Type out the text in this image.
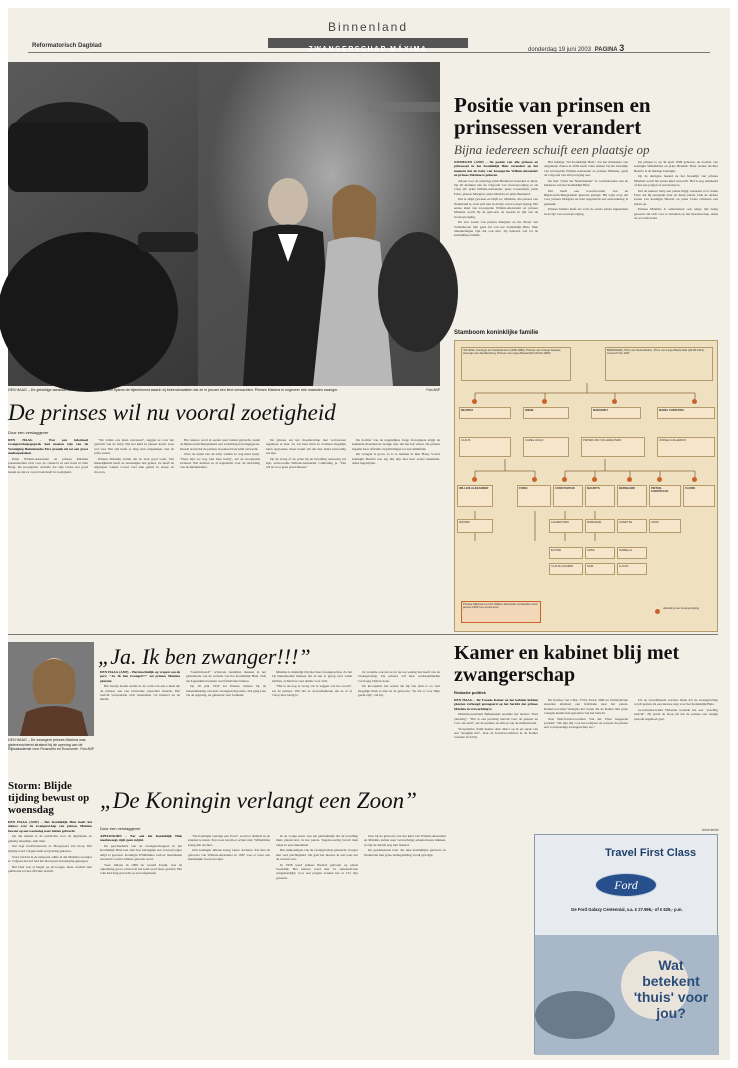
Reformatorisch Dagblad
Binnenland
ZWANGERSCHAP MÁXIMA	donderdag 19 juni 2003 PAGINA 3
DEN HAAG – De gelukkige aanstaande vader en moeder gisteren tijdens de bijeenkomst waarin zij bekendmaakten dat ze in januari een kind verwachten. Prinses Máxima is ongeveer drie maanden zwanger.	Foto ANP
Positie van prinsen en prinsessen verandert
Bijna iedereen schuift een plaatsje op

NIJMEGEN (ANP) – De positie van alle prinsen en prinsessen in het Koninklijk Huis verandert op het moment dat de baby van kroonprins Willem-Alexander en prinses Máxima is geboren.

Alleen voor de zesjarige prins Bernhard verandert er niets. Op dit moment ziet de volgorde van troonopvolging er als volgt uit: prins Willem-Alexander, prins Constantijn, prins Friso, prinses Margriet, prins Maurits en prins Bernhard.

Dat is altijd geweest en blijft zo; Máxima, die prinses van Nederland is, staat zelf niet in de lijn van troonopvolging. Het eerste kind van kroonprins Willem-Alexander en prinses Máxima wordt bij de geboorte de tweede in lijn van de troonopvolging.

De vier zonen van prinses Margriet en mr. Pieter van Vollenhoven zijn geen lid van het Koninklijk Huis. Hun nakomelingen zijn dat ook niet. Zij behoren wel tot de koninklijke familie.

Het huidige "lid Koninklijk Huis", dat het ministerie van Algemene Zaken in 2002 heeft laten maken bij het huwelijk van kroonprins Willem-Alexander en prinses Máxima, geeft de volgorde van erfopvolging aan.

De titel "prins der Nederlanden" is voorbehouden aan de kinderen van het Koninklijk Huis.

Dat heeft een woordvoerder van de Rijksvoorlichtingsdienst gisteren gezegd. Hij wijst erop dat voor prinses Margriet en haar nageslacht een uitzondering is gemaakt.

Prinses Juliana heeft als vorst de eerste plaats ingenomen in de lijn van troonopvolging.

De prinses is op 30 april 1909 geboren, de dochter van koningin Wilhelmina en prins Hendrik. Haar oudste dochter Beatrix is de huidige koningin.

Op de dertigste maand na het huwelijk van prinses Máxima wordt het eerste kind verwacht. Het is nog onbekend of het een jongen of een meisje is.

Dat de nieuwe baby een plaats krijgt, betekent voor Johan Friso dat hij terugzakt naar de derde plaats. Ook de andere zonen van koningin Beatrix en prins Claus schuiven een plaats op.

Prinses Máxima is ondertussen ook enige tijd bezig geweest om zich voor te bereiden op het moederschap, aldus de woordvoerder.

Stamboom koninklijke familie
JULIANA, Koningin der Nederlanden (1948-1980), Prinses van Oranje-Nassau, Hertogin van Mecklenburg, Prinses van Lippe-Biesterfeld (30-04-1909)
BERNHARD, Prins der Nederlanden, Prins van Lippe-Biesterfeld (29-06-1911), trouwt 07-01-1937
BEATRIX	IRENE	MARGRIET	MARIA CHRISTINA
CLAUS	CAREL HUGO	PIETER VAN VOLLENHOVEN	JORGE GUILLERMO
WILLEM-ALEXANDER	FRISO	CONSTANTIJN	MAURITS	BERNHARD	PIETER-CHRISTIAAN
FLORIS
MÁXIMA	LAURENTIEN	MARILENE	ANNETTE	ANITA
ELOISE	ANNA	ISABELLA
CLAUS-CASIMIR	SAM	LUCAS
Prinses Máxima en prins Willem-Alexander verwachten eind januari 2004 hun eerste kind	uitsluiting van troonopvolging
De prinses wil nu vooral zoetigheid
Door een verslaggever

DEN HAAG – Wat een informeel zwangerschapsgesprek had moeten zijn van de Vereniging Buitenlandse Pers groeide uit tot een groot mediaspektakel.

Prins Willem-Alexander en prinses Máxima presenteerden zich voor de camera's in een hotel in Den Haag. De kroonprins vertelde dat zijn vrouw het goed maakt en dat ze vooral trek heeft in zoetigheid.

"We willen ons laten verrassen", zeggen ze over het geslacht van de baby. Dat het kind in januari komt, staat wel vast. Het stel heeft er lang naar uitgekeken, laat de prins weten.

Prinses Máxima vertelt dat ze zich goed voelt. Van misselijkheid heeft ze nauwelijks last gehad. Ze heeft de afgelopen weken vooral veel trek gehad in snoep en chocola.

Het nieuws werd al eerder naar buiten gebracht, nadat de Rijksvoorlichtingsdienst een verklaring had uitgegeven. Daarin stond dat de prinses in januari haar kind verwacht.

Over de naam van de baby wilden ze nog niets kwijt. "Daar zijn we nog niet mee bezig", zei de kroonprins lachend. Wel hebben ze al nagedacht over de inrichting van de kinderkamer.

De prinses zei het moederschap met vertrouwen tegemoet te zien. Ze wil haar kind zo normaal mogelijk laten opgroeien, maar beseft dat dat niet altijd eenvoudig zal zijn.

Op de vraag of de prins bij de bevalling aanwezig zal zijn, antwoordde Willem-Alexander volmondig ja. "Dat wil ik voor geen goud missen."

De dochter van de Argentijnse Jorge Zorreguieta krijgt de komende maanden de nodige rust, liet het hof weten. De prinses beperkt haar officiële verplichtingen tot een minimum.

De vreugde is groot, zo is te merken in Den Haag. Vooral koningin Beatrix zou erg blij zijn met haar eerste kleinkind, aldus ingewijden.

DEN HAAG – De zwangere prinses Máxima was gisterenochtend stralend bij de opening van de Rijksakademie voor Financiën en Economie. Foto ANP
„Ja. Ik ben zwanger!!!”

DEN HAAG (ANP) – Hartstochtelijk op vragen van de pers: "Ja. Ik ben zwanger!!!" zei prinses Máxima gisteren.

Het bewijs kwam eerder in de vorm van een e-mail die de prinses aan een bevriende journalist stuurde. Het bericht verspreidde zich razendsnel via internet en de media.

"Gefeliciteerd!" schreven tientallen mensen in het gastenboek van de website van het Koninklijk Huis. Ook uit Argentinië kwamen veel felicitaties binnen.

Op 18 juni 1930 zei Prinses Juliana bij de bekendmaking van haar zwangerschap niets. Dat ging toen via de regering, en gebeurde veel formeler.

Máxima is duidelijk blij met haar zwangerschap. Ze liet bij binnenkomst merken dat ze het er graag over wilde hebben, al hield ze veel details voor zich.

"Het is nu nog te vroeg om te zeggen wat het wordt", zei de prinses. Wel liet ze doorschemeren dat ze er al volop mee bezig is.

Ze vertelde ook dat ze tot nu toe weinig last heeft van de zwangerschap. De prinses wil haar werkzaamheden voorlopig blijven doen.

De kroonprins liet weten dat hij van plan is zo veel mogelijk thuis te zijn na de geboorte. "Ik wil er voor mijn gezin zijn", zei hij.

Kamer en kabinet blij met zwangerschap
Redactie politiek

DEN HAAG – De Tweede Kamer en het kabinet hebben gisteren verheugd gereageerd op het bericht dat prinses Máxima in verwachting is.

Minister-president Balkenende noemde het nieuws "heel plezierig". "Het is een prachtig bericht voor de prinses en voor ons land", zei de premier na afloop van de ministerraad.

Vicepremier Zalm haakte daar direct op in en sprak van een "heuglijk feit". Ook de fractievoorzitters in de Kamer toonden zich blij.

De fracties van CDA, VVD, PvdA, D66 en ChristenUnie stuurden allemaal een felicitatie naar het paleis. Kamervoorzitter Weisglas liet weten dat de Kamer met grote vreugde kennis had genomen van het bericht.

Ook SGP-fractievoorzitter Van der Vlies reageerde positief: "We zijn blij voor het echtpaar en wensen de prinses een voorspoedige zwangerschap toe."

Uit de verschillende reacties bleek dat de zwangerschap wordt gezien als een nieuwe stap voor het Koninklijk Huis.

GroenLinks-leider Halsema noemde het een "prachtig bericht". Zij sprak de hoop uit dat de prinses een rustige periode tegemoet gaat.

Storm: Blijde tijding bewust op woensdag

DEN HAAG (ANP) – Het Koninklijk Huis heeft het nieuws over de zwangerschap van prinses Máxima bewust op een woensdag naar buiten gebracht.

Op die manier is de publicatie voor de dagbladen zo gunstig mogelijk, stelt men.

Dat zegt hoofdredacteur A. Hoogewerf van Story. Het tijdstip werd volgens hem zorgvuldig gekozen.

Story bericht in de nieuwste editie al dat Máxima zwanger is. Volgens het hof had het blad geen bevestiging gekregen.

Het blad was al langer op de hoogte, maar wachtte met publicatie tot het officiële bericht.

„De Koningin verlangt een Zoon”
Door een verslaggever

APELDOORN – Eer ook het Koninklijk Huis meebeweegt, tijdt geen twijfel.

De geschiedenis van de zwangerschappen in het Koninklijk Huis laat zien hoe belangrijk een troonopvolger altijd is geweest. Koningin Wilhelmina verloor meermalen een kind voordat Juliana geboren werd.

Toen Juliana in 1909 ter wereld kwam, was de opluchting groot. Overal in het land werd feest gevierd. Het volk had lang gewacht op een erfgenaam.

"De Koningin verlangt een Zoon", stond er destijds in de kranten te lezen. Een zoon kwam er echter niet; Wilhelmina kreeg één dochter.

Ook koningin Juliana kreeg louter dochters. Pas met de geboorte van Willem-Alexander in 1967 was er weer een mannelijke troonopvolger.

In de vorige eeuw was het gebruikelijk dat de bevalling thuis plaatsvond, in het paleis. Tegenwoordig bevalt men vaker in een ziekenhuis.

Het aankondigen van de zwangerschap gebeurde vroeger met veel plechtigheid. Nu gaat het nieuws in een paar uur de wereld over.

In 1938 werd prinses Beatrix geboren op paleis Soestdijk. Het nieuws werd met 51 saluutschoten aangekondigd; voor een jongen zouden het er 101 zijn geweest.

Ook bij de geboorte van het kind van Willem-Alexander en Máxima zullen naar verwachting saluutschoten klinken, al zijn de details nog niet bekend.

De geschiedenis leert dat elke koninklijke geboorte in Nederland met grote belangstelling wordt gevolgd.

Advertentie
Travel First Class
Ford
De Ford Galaxy Centennial, v.a. € 27.995,- of € 629,- p.m.
Wat betekent 'thuis' voor jou?
